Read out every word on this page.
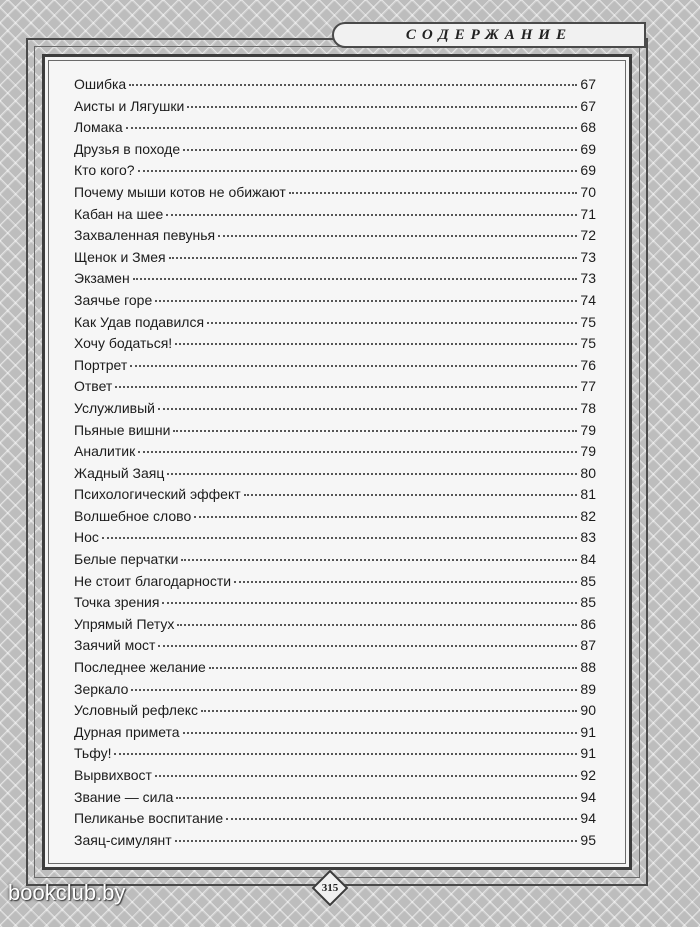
СОДЕРЖАНИЕ
Ошибка	67
Аисты и Лягушки	67
Ломака	68
Друзья в походе	69
Кто кого?	69
Почему мыши котов не обижают	70
Кабан на шее	71
Захваленная певунья	72
Щенок и Змея	73
Экзамен	73
Заячье горе	74
Как Удав подавился	75
Хочу бодаться!	75
Портрет	76
Ответ	77
Услужливый	78
Пьяные вишни	79
Аналитик	79
Жадный Заяц	80
Психологический эффект	81
Волшебное слово	82
Нос	83
Белые перчатки	84
Не стоит благодарности	85
Точка зрения	85
Упрямый Петух	86
Заячий мост	87
Последнее желание	88
Зеркало	89
Условный рефлекс	90
Дурная примета	91
Тьфу!	91
Вырвихвост	92
Звание — сила	94
Пеликанье воспитание	94
Заяц-симулянт	95
315
bookclub.by
